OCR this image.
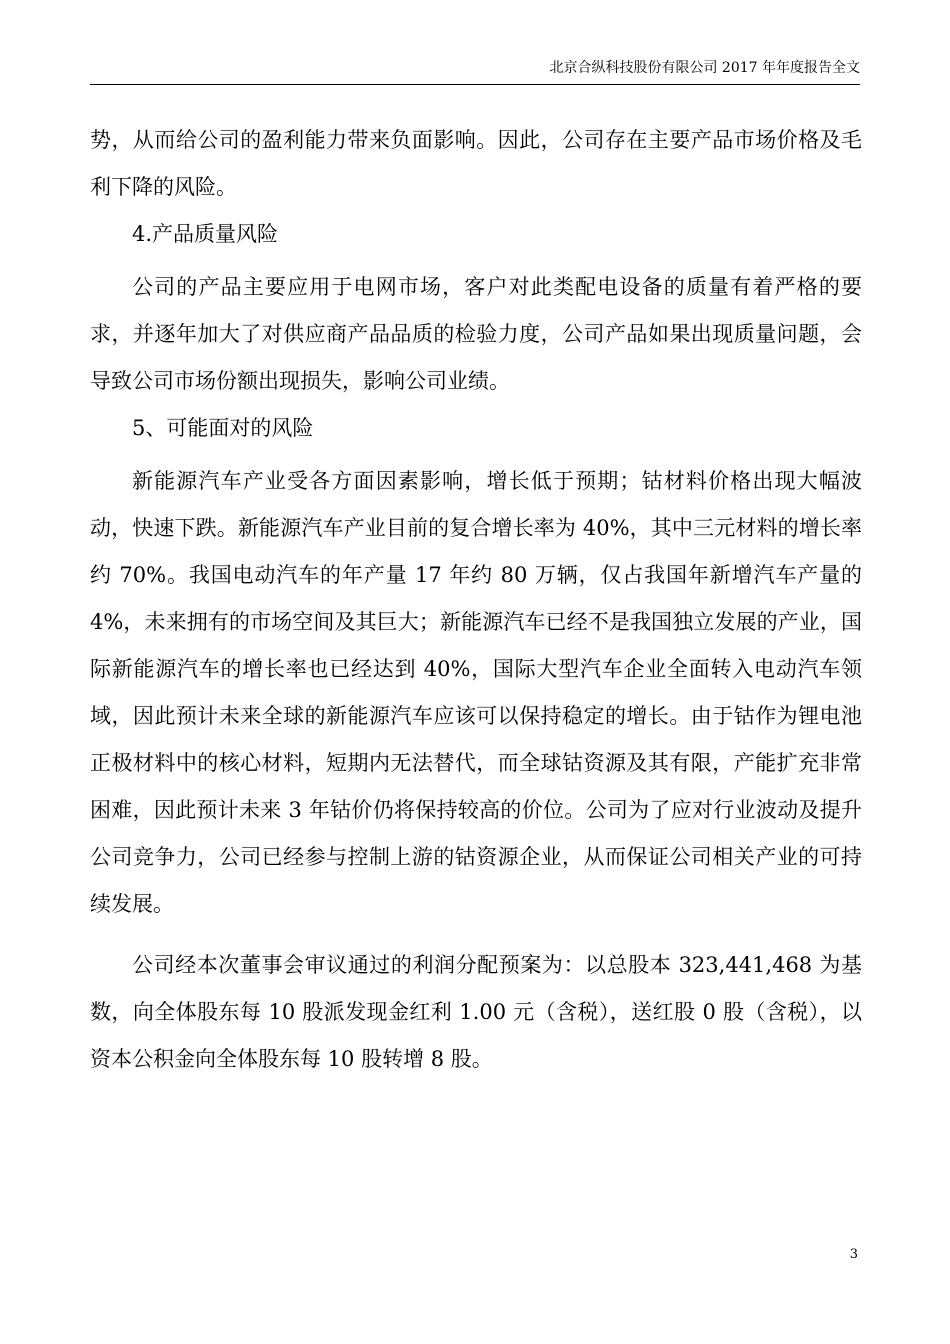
北京合纵科技股份有限公司 2017 年年度报告全文

势，从而给公司的盈利能力带来负面影响。因此，公司存在主要产品市场价格及毛利下降的风险。

4.产品质量风险

公司的产品主要应用于电网市场，客户对此类配电设备的质量有着严格的要求，并逐年加大了对供应商产品品质的检验力度，公司产品如果出现质量问题，会导致公司市场份额出现损失，影响公司业绩。

5、可能面对的风险

新能源汽车产业受各方面因素影响，增长低于预期；钴材料价格出现大幅波动，快速下跌。新能源汽车产业目前的复合增长率为 40%，其中三元材料的增长率约 70%。我国电动汽车的年产量 17 年约 80 万辆，仅占我国年新增汽车产量的 4%，未来拥有的市场空间及其巨大；新能源汽车已经不是我国独立发展的产业，国际新能源汽车的增长率也已经达到 40%，国际大型汽车企业全面转入电动汽车领域，因此预计未来全球的新能源汽车应该可以保持稳定的增长。由于钴作为锂电池正极材料中的核心材料，短期内无法替代，而全球钴资源及其有限，产能扩充非常困难，因此预计未来 3 年钴价仍将保持较高的价位。公司为了应对行业波动及提升公司竞争力，公司已经参与控制上游的钴资源企业，从而保证公司相关产业的可持续发展。

公司经本次董事会审议通过的利润分配预案为：以总股本 323,441,468 为基数，向全体股东每 10 股派发现金红利 1.00 元（含税），送红股 0 股（含税），以资本公积金向全体股东每 10 股转增 8 股。

3
